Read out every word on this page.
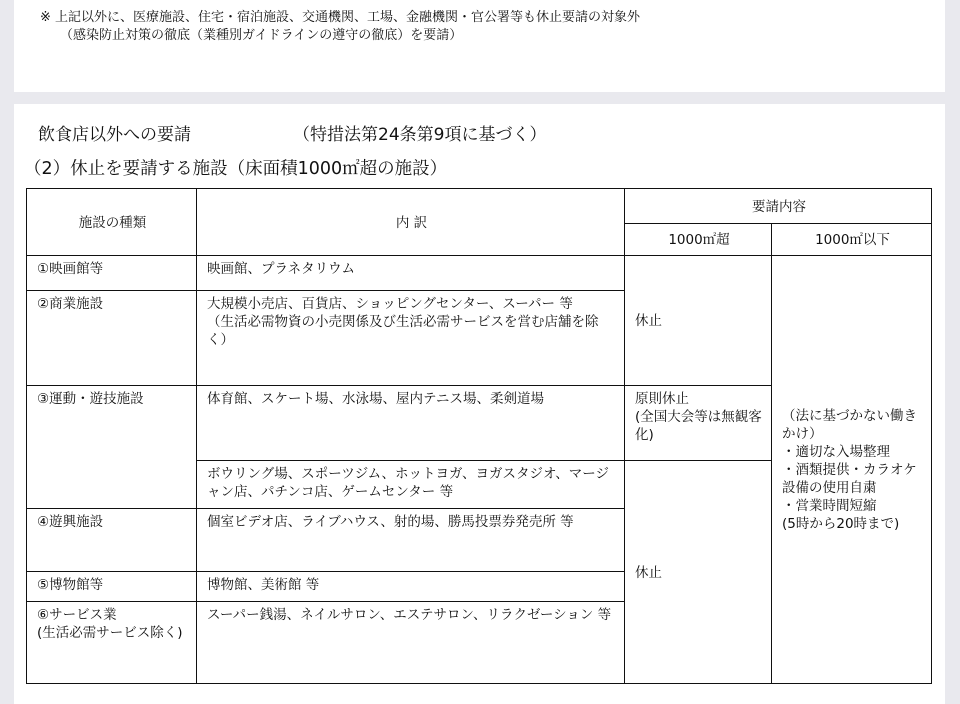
※ 上記以外に、医療施設、住宅・宿泊施設、交通機関、工場、金融機関・官公署等も休止要請の対象外
（感染防止対策の徹底（業種別ガイドラインの遵守の徹底）を要請）
飲食店以外への要請	（特措法第24条第9項に基づく）
（2）休止を要請する施設（床面積1000㎡超の施設）
施設の種類	内 訳	要請内容	
		1000㎡超	1000㎡以下
①映画館等	映画館、プラネタリウム	休止	（法に基づかない働きかけ）
・適切な入場整理
・酒類提供・カラオケ設備の使用自粛
・営業時間短縮
(5時から20時まで)

②商業施設	大規模小売店、百貨店、ショッピングセンター、スーパー 等
（生活必需物資の小売関係及び生活必需サービスを営む店舗を除く）		

③運動・遊技施設	体育館、スケート場、水泳場、屋内テニス場、柔剣道場	原則休止
(全国大会等は無観客化)	

	ボウリング場、スポーツジム、ホットヨガ、ヨガスタジオ、マージャン店、パチンコ店、ゲームセンター 等	休止	
④遊興施設	個室ビデオ店、ライブハウス、射的場、勝馬投票券発売所 等		
⑤博物館等	博物館、美術館 等		

⑥サービス業
(生活必需サービス除く)	スーパー銭湯、ネイルサロン、エステサロン、リラクゼーション 等		
